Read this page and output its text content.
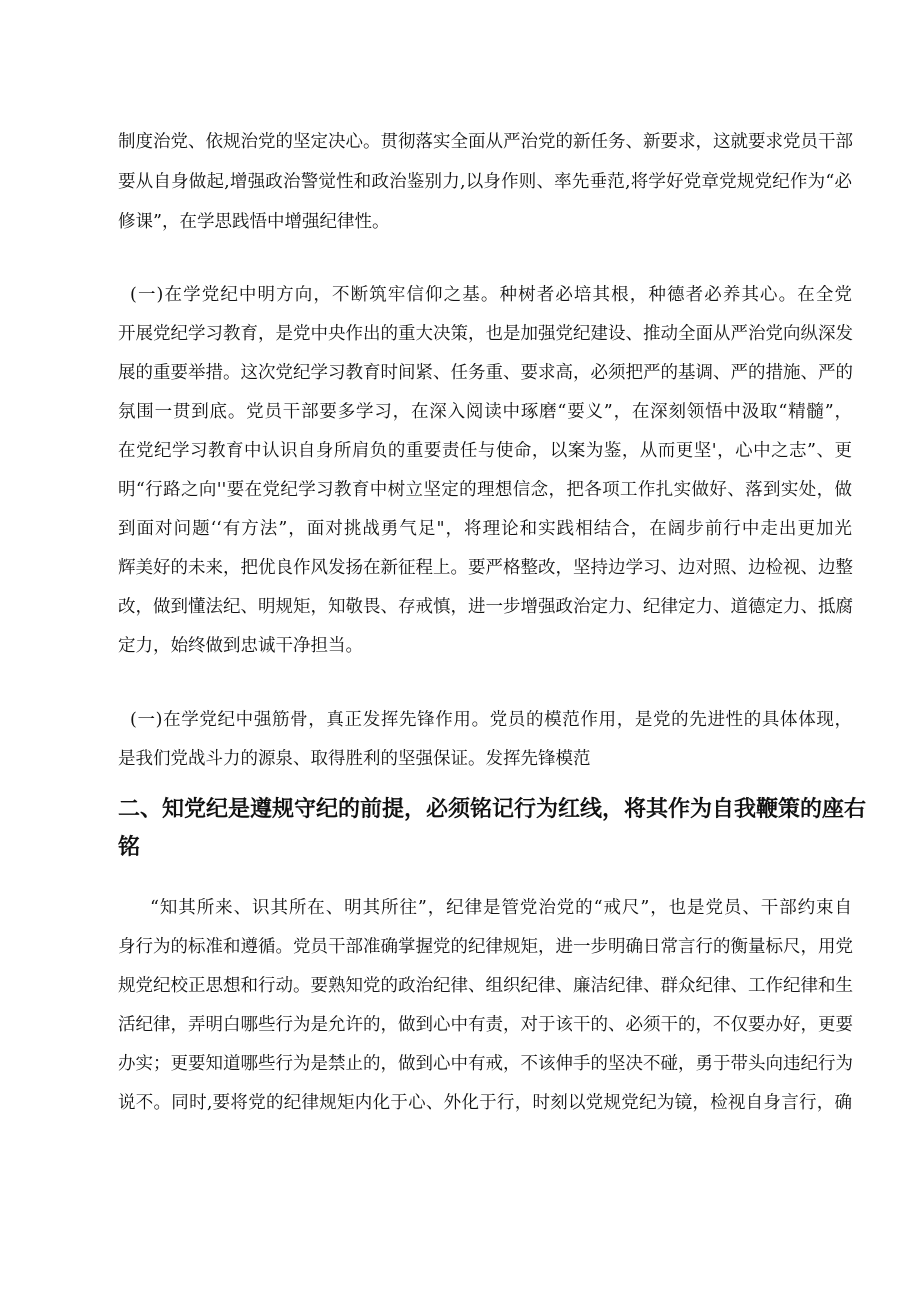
制度治党、依规治党的坚定决心。贯彻落实全面从严治党的新任务、新要求，这就要求党员干部
要从自身做起,增强政治警觉性和政治鉴别力,以身作则、率先垂范,将学好党章党规党纪作为“必
修课”，在学思践悟中增强纪律性。
(一)在学党纪中明方向，不断筑牢信仰之基。种树者必培其根，种德者必养其心。在全党
开展党纪学习教育，是党中央作出的重大决策，也是加强党纪建设、推动全面从严治党向纵深发
展的重要举措。这次党纪学习教育时间紧、任务重、要求高，必须把严的基调、严的措施、严的
氛围一贯到底。党员干部要多学习，在深入阅读中琢磨“要义”，在深刻领悟中汲取“精髓”，
在党纪学习教育中认识自身所肩负的重要责任与使命，以案为鉴，从而更坚'，心中之志”、更
明“行路之向''要在党纪学习教育中树立坚定的理想信念，把各项工作扎实做好、落到实处，做
到面对问题‘‘有方法”，面对挑战勇气足"，将理论和实践相结合，在阔步前行中走出更加光
辉美好的未来，把优良作风发扬在新征程上。要严格整改，坚持边学习、边对照、边检视、边整
改，做到懂法纪、明规矩，知敬畏、存戒慎，进一步增强政治定力、纪律定力、道德定力、抵腐
定力，始终做到忠诚干净担当。
(一)在学党纪中强筋骨，真正发挥先锋作用。党员的模范作用，是党的先进性的具体体现，
是我们党战斗力的源泉、取得胜利的坚强保证。发挥先锋模范
二、知党纪是遵规守纪的前提，必须铭记行为红线，将其作为自我鞭策的座右
铭
“知其所来、识其所在、明其所往”，纪律是管党治党的“戒尺”，也是党员、干部约束自
身行为的标准和遵循。党员干部准确掌握党的纪律规矩，进一步明确日常言行的衡量标尺，用党
规党纪校正思想和行动。要熟知党的政治纪律、组织纪律、廉洁纪律、群众纪律、工作纪律和生
活纪律，弄明白哪些行为是允许的，做到心中有责，对于该干的、必须干的，不仅要办好，更要
办实；更要知道哪些行为是禁止的，做到心中有戒，不该伸手的坚决不碰，勇于带头向违纪行为
说不。同时,要将党的纪律规矩内化于心、外化于行，时刻以党规党纪为镜，检视自身言行，确
